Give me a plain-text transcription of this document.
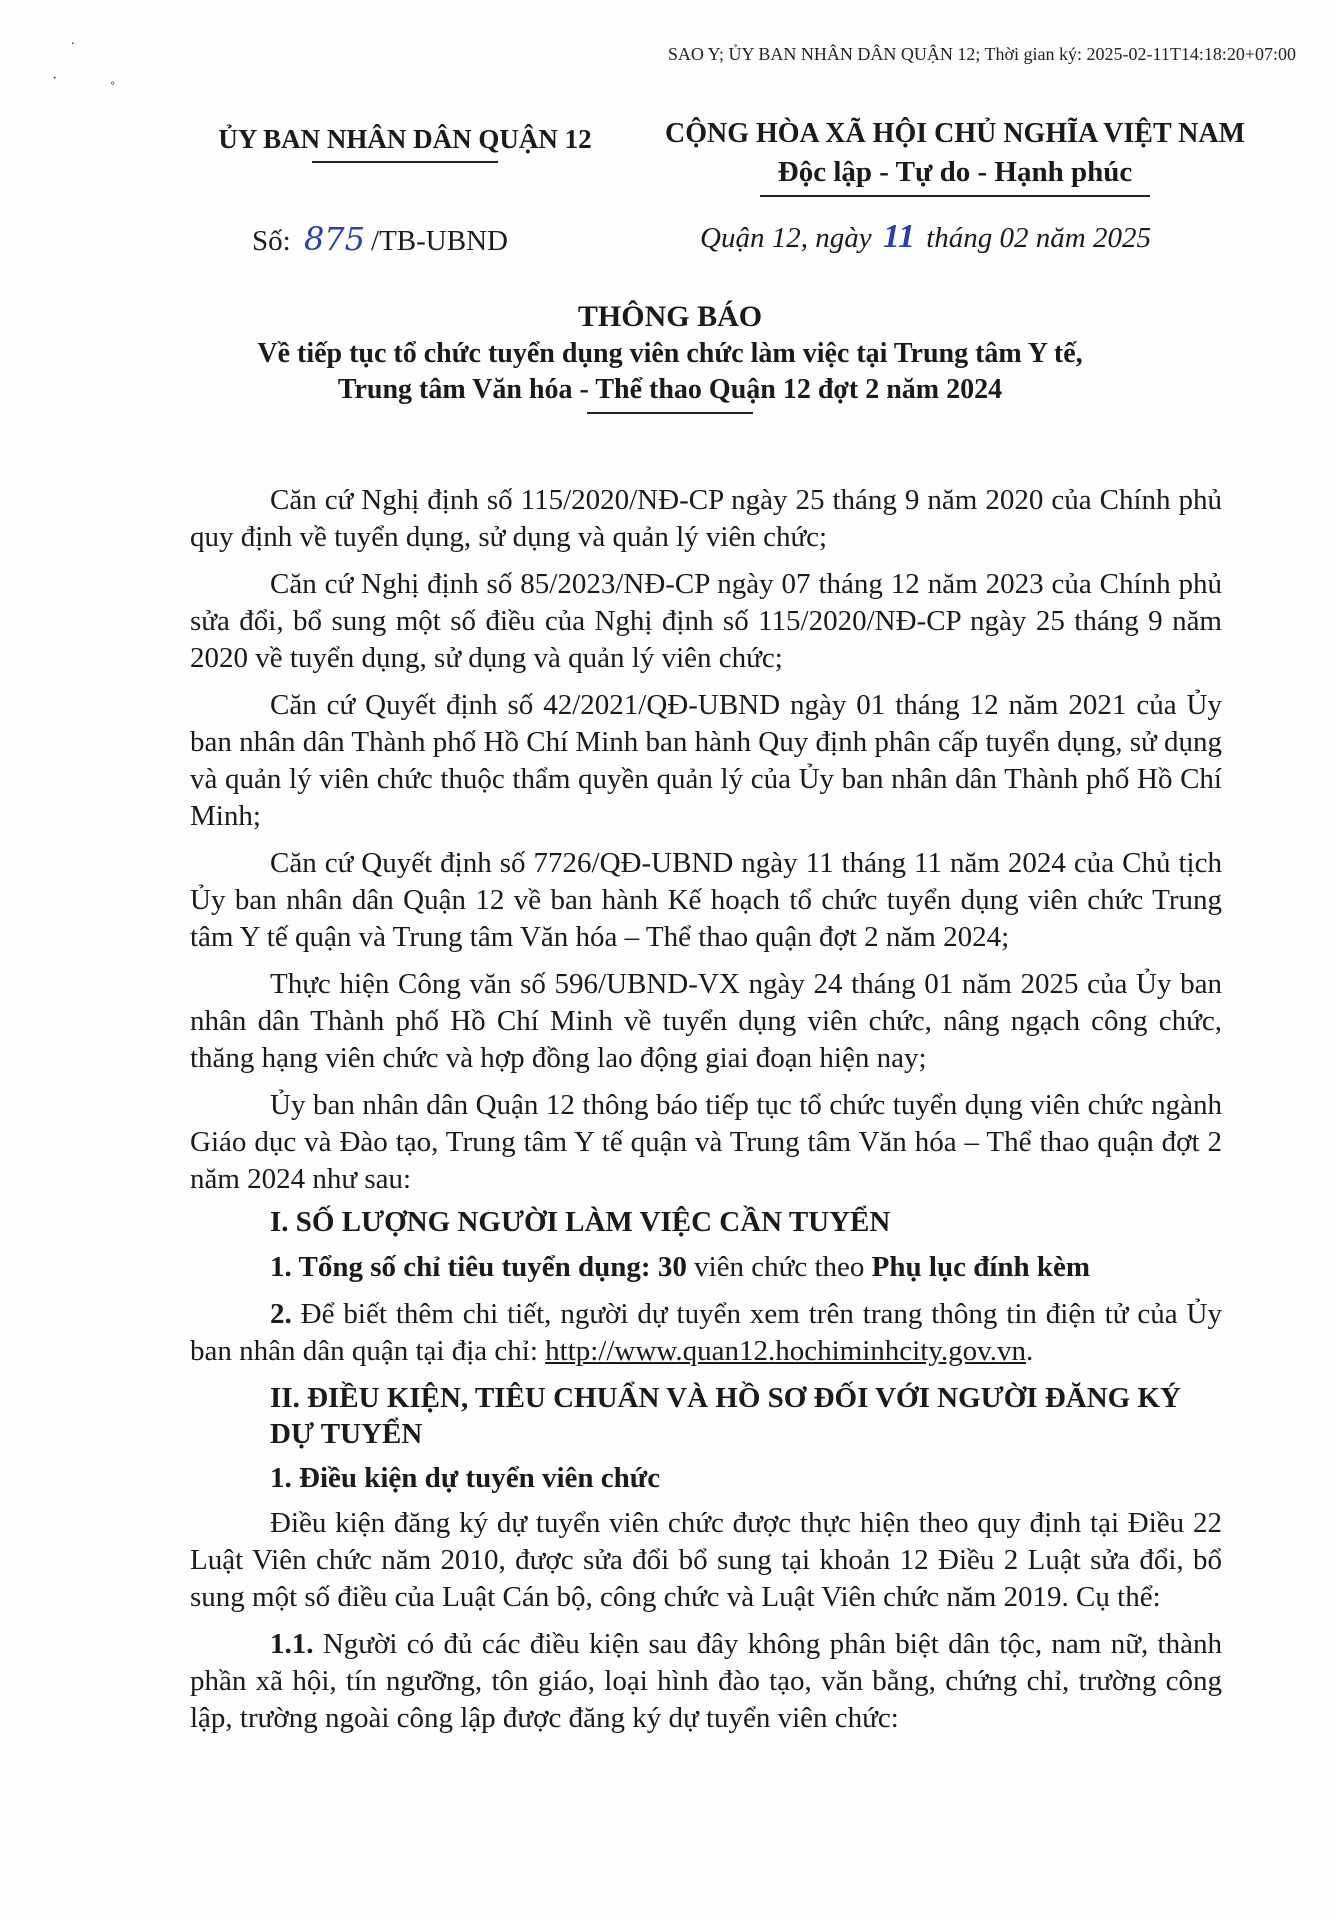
SAO Y; ỦY BAN NHÂN DÂN QUẬN 12; Thời gian ký: 2025-02-11T14:18:20+07:00
˙
·
˚
ỦY BAN NHÂN DÂN QUẬN 12	CỘNG HÒA XÃ HỘI CHỦ NGHĨA VIỆT NAM
Độc lập - Tự do - Hạnh phúc
Số: 875 /TB-UBND	Quận 12, ngày 11 tháng 02 năm 2025
THÔNG BÁO
Về tiếp tục tổ chức tuyển dụng viên chức làm việc tại Trung tâm Y tế,
Trung tâm Văn hóa - Thể thao Quận 12 đợt 2 năm 2024

Căn cứ Nghị định số 115/2020/NĐ-CP ngày 25 tháng 9 năm 2020 của Chính phủ quy định về tuyển dụng, sử dụng và quản lý viên chức;

Căn cứ Nghị định số 85/2023/NĐ-CP ngày 07 tháng 12 năm 2023 của Chính phủ sửa đổi, bổ sung một số điều của Nghị định số 115/2020/NĐ-CP ngày 25 tháng 9 năm 2020 về tuyển dụng, sử dụng và quản lý viên chức;

Căn cứ Quyết định số 42/2021/QĐ-UBND ngày 01 tháng 12 năm 2021 của Ủy ban nhân dân Thành phố Hồ Chí Minh ban hành Quy định phân cấp tuyển dụng, sử dụng và quản lý viên chức thuộc thẩm quyền quản lý của Ủy ban nhân dân Thành phố Hồ Chí Minh;

Căn cứ Quyết định số 7726/QĐ-UBND ngày 11 tháng 11 năm 2024 của Chủ tịch Ủy ban nhân dân Quận 12 về ban hành Kế hoạch tổ chức tuyển dụng viên chức Trung tâm Y tế quận và Trung tâm Văn hóa – Thể thao quận đợt 2 năm 2024;

Thực hiện Công văn số 596/UBND-VX ngày 24 tháng 01 năm 2025 của Ủy ban nhân dân Thành phố Hồ Chí Minh về tuyển dụng viên chức, nâng ngạch công chức, thăng hạng viên chức và hợp đồng lao động giai đoạn hiện nay;

Ủy ban nhân dân Quận 12 thông báo tiếp tục tổ chức tuyển dụng viên chức ngành Giáo dục và Đào tạo, Trung tâm Y tế quận và Trung tâm Văn hóa – Thể thao quận đợt 2 năm 2024 như sau:

I. SỐ LƯỢNG NGƯỜI LÀM VIỆC CẦN TUYỂN

1. Tổng số chỉ tiêu tuyển dụng: 30 viên chức theo Phụ lục đính kèm

2. Để biết thêm chi tiết, người dự tuyển xem trên trang thông tin điện tử của Ủy ban nhân dân quận tại địa chỉ: http://www.quan12.hochiminhcity.gov.vn.

II. ĐIỀU KIỆN, TIÊU CHUẨN VÀ HỒ SƠ ĐỐI VỚI NGƯỜI ĐĂNG KÝ DỰ TUYỂN
1. Điều kiện dự tuyển viên chức

Điều kiện đăng ký dự tuyển viên chức được thực hiện theo quy định tại Điều 22 Luật Viên chức năm 2010, được sửa đổi bổ sung tại khoản 12 Điều 2 Luật sửa đổi, bổ sung một số điều của Luật Cán bộ, công chức và Luật Viên chức năm 2019. Cụ thể:

1.1. Người có đủ các điều kiện sau đây không phân biệt dân tộc, nam nữ, thành phần xã hội, tín ngưỡng, tôn giáo, loại hình đào tạo, văn bằng, chứng chỉ, trường công lập, trường ngoài công lập được đăng ký dự tuyển viên chức:
